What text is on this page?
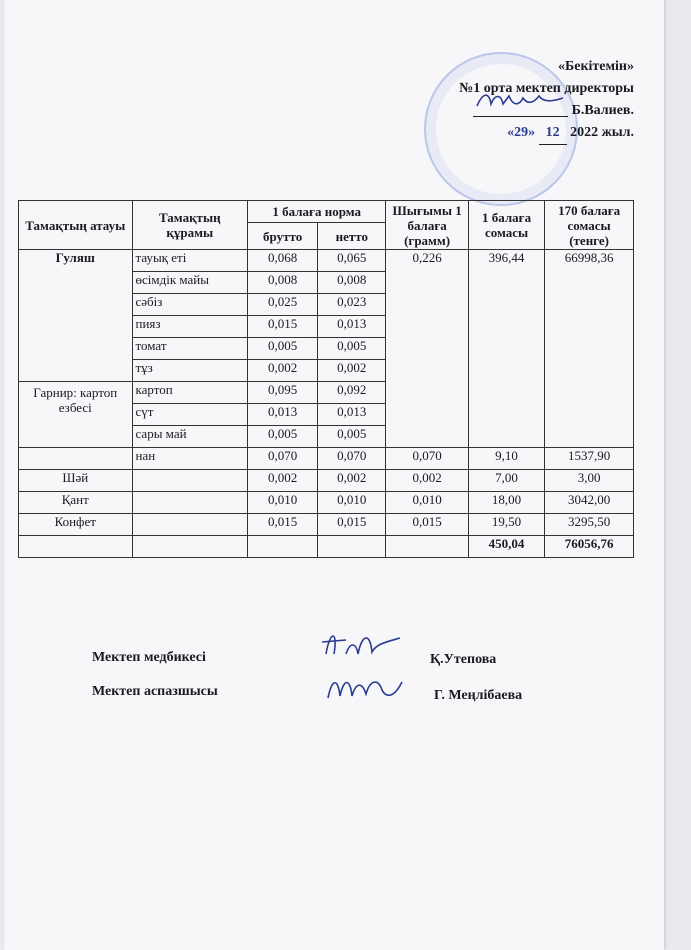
«Бекітемін»
№1 орта мектеп директоры
Б.Валиев.
«29» 12 2022 жыл.
Тамақтың атауы	Тамақтың құрамы	1 балаға норма		Шығымы 1 балаға (грамм)	1 балаға сомасы	170 балаға сомасы (тенге)
		брутто	нетто			
Гуляш	тауық еті	0,068	0,065	0,226	396,44	66998,36
	өсімдік майы	0,008	0,008			
	сәбіз	0,025	0,023			
	пияз	0,015	0,013			
	томат	0,005	0,005			
	тұз	0,002	0,002			
Гарнир: картоп езбесі	картоп	0,095	0,092			
	сүт	0,013	0,013			
	сары май	0,005	0,005			
	нан	0,070	0,070	0,070	9,10	1537,90
Шәй		0,002	0,002	0,002	7,00	3,00
Қант		0,010	0,010	0,010	18,00	3042,00
Конфет		0,015	0,015	0,015	19,50	3295,50
					450,04	76056,76
Мектеп медбикесі	Қ.Утепова
Мектеп аспазшысы	Г. Меңлібаева
